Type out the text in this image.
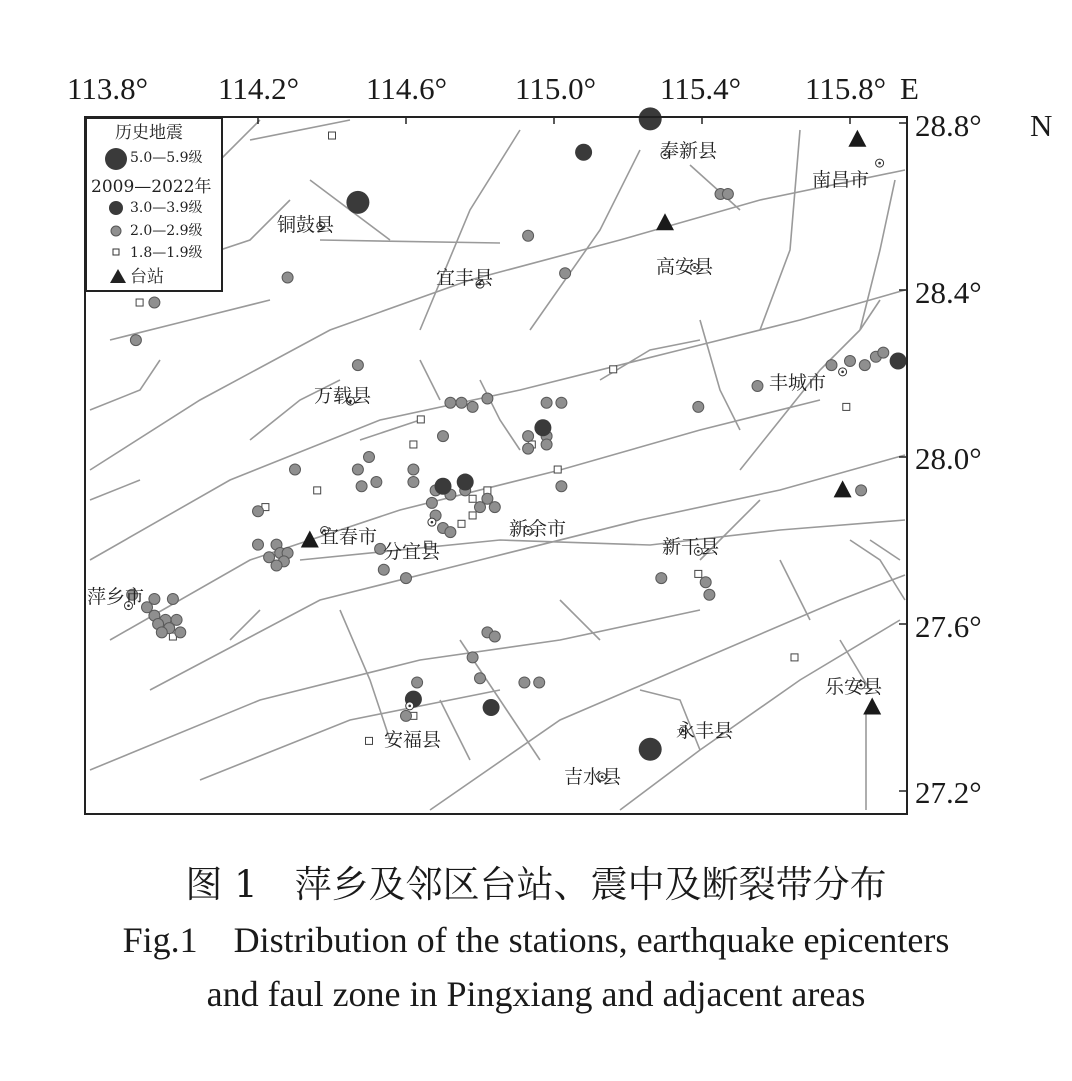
113.8° 114.2° 114.6° 115.0° 115.4° 115.8° E
28.8° N
28.4°
28.0°
27.6°
27.2°
奉新县
南昌市
铜鼓县
宜丰县	高安县
万载县
丰城市
宜春市
分宜县
新余市
新干县
萍乡市
乐安县
永丰县
安福县
吉水县
历史地震
5.0—5.9级
2009—2022年
3.0—3.9级
2.0—2.9级
1.8—1.9级
台站
图 1　萍乡及邻区台站、震中及断裂带分布
Fig.1　Distribution of the stations, earthquake epicenters
and faul zone in Pingxiang and adjacent areas
